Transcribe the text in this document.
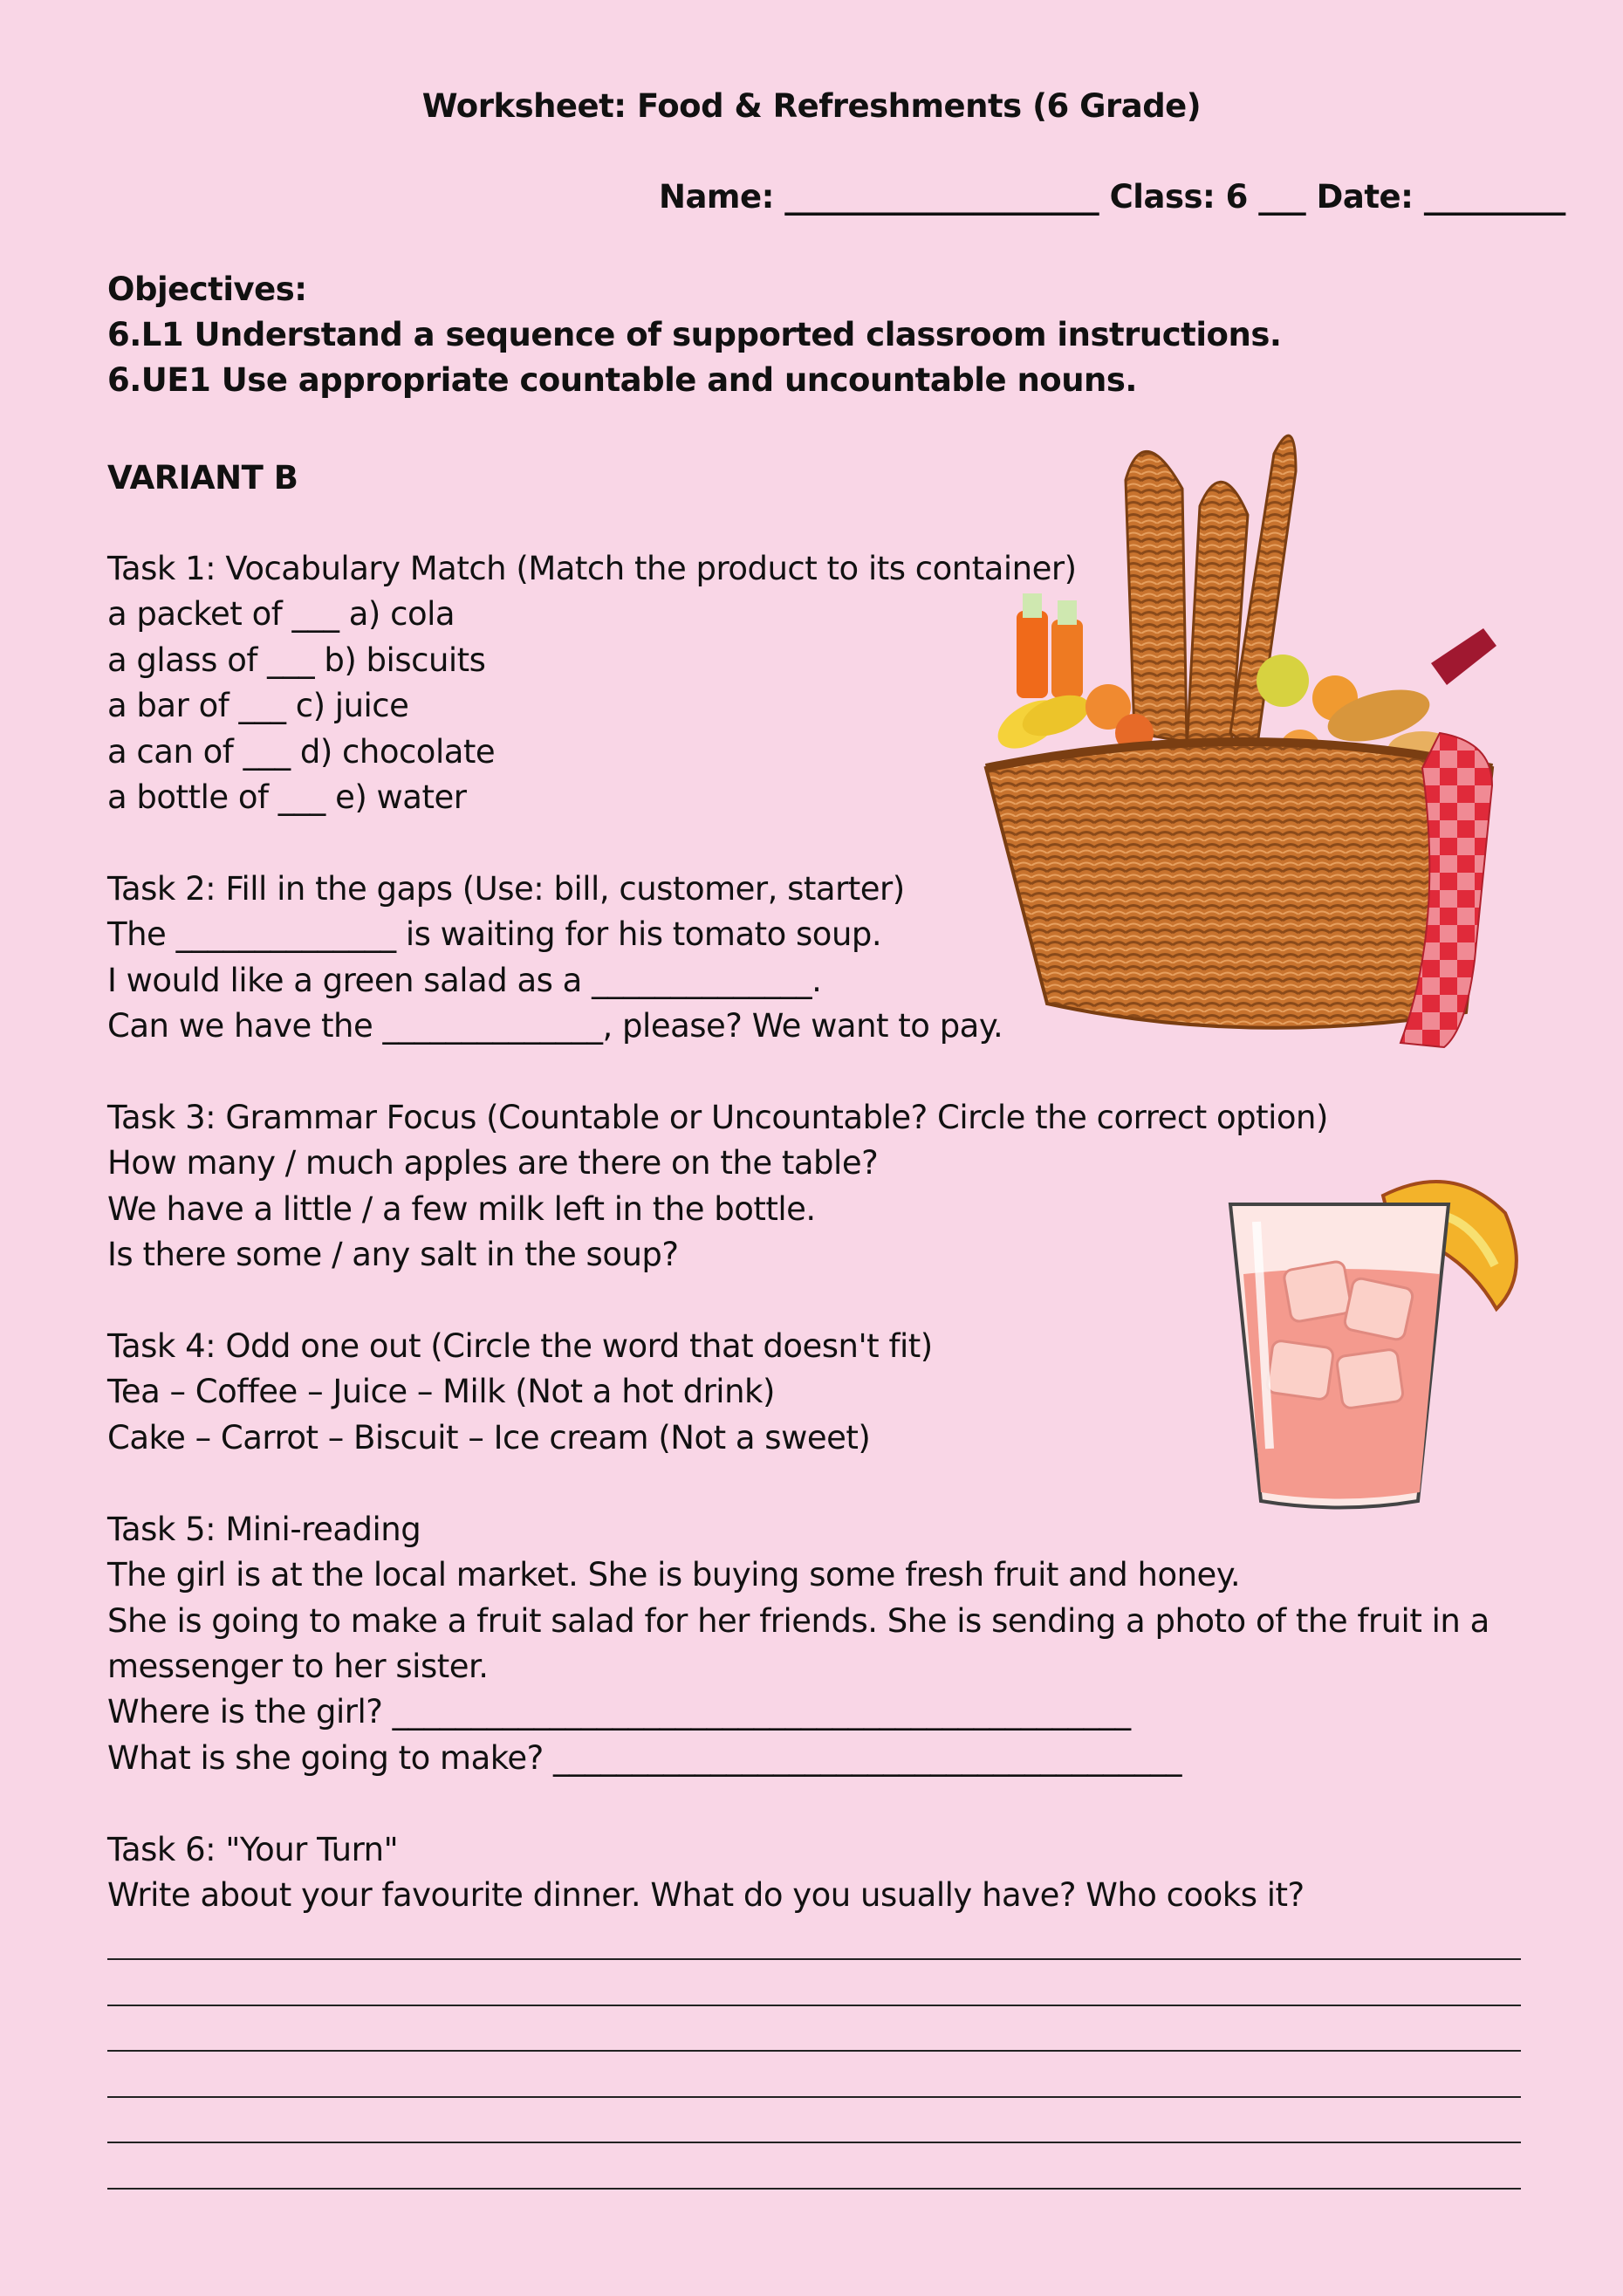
Worksheet: Food & Refreshments (6 Grade)
Name: ____________________ Class: 6 ___ Date: _________
Objectives:
6.L1 Understand a sequence of supported classroom instructions.
6.UE1 Use appropriate countable and uncountable nouns.
VARIANT B
Task 1: Vocabulary Match (Match the product to its container)
a packet of ___ a) cola
a glass of ___ b) biscuits
a bar of ___ c) juice
a can of ___ d) chocolate
a bottle of ___ e) water
Task 2: Fill in the gaps (Use: bill, customer, starter)
The ______________ is waiting for his tomato soup.
I would like a green salad as a ______________.
Can we have the ______________, please? We want to pay.
Task 3: Grammar Focus (Countable or Uncountable? Circle the correct option)
How many / much apples are there on the table?
We have a little / a few milk left in the bottle.
Is there some / any salt in the soup?
Task 4: Odd one out (Circle the word that doesn't fit)
Tea – Coffee – Juice – Milk (Not a hot drink)
Cake – Carrot – Biscuit – Ice cream (Not a sweet)
Task 5: Mini-reading
The girl is at the local market. She is buying some fresh fruit and honey.
She is going to make a fruit salad for her friends. She is sending a photo of the fruit in a
messenger to her sister.
Where is the girl? _______________________________________________
What is she going to make? ________________________________________
Task 6: "Your Turn"
Write about your favourite dinner. What do you usually have? Who cooks it?
